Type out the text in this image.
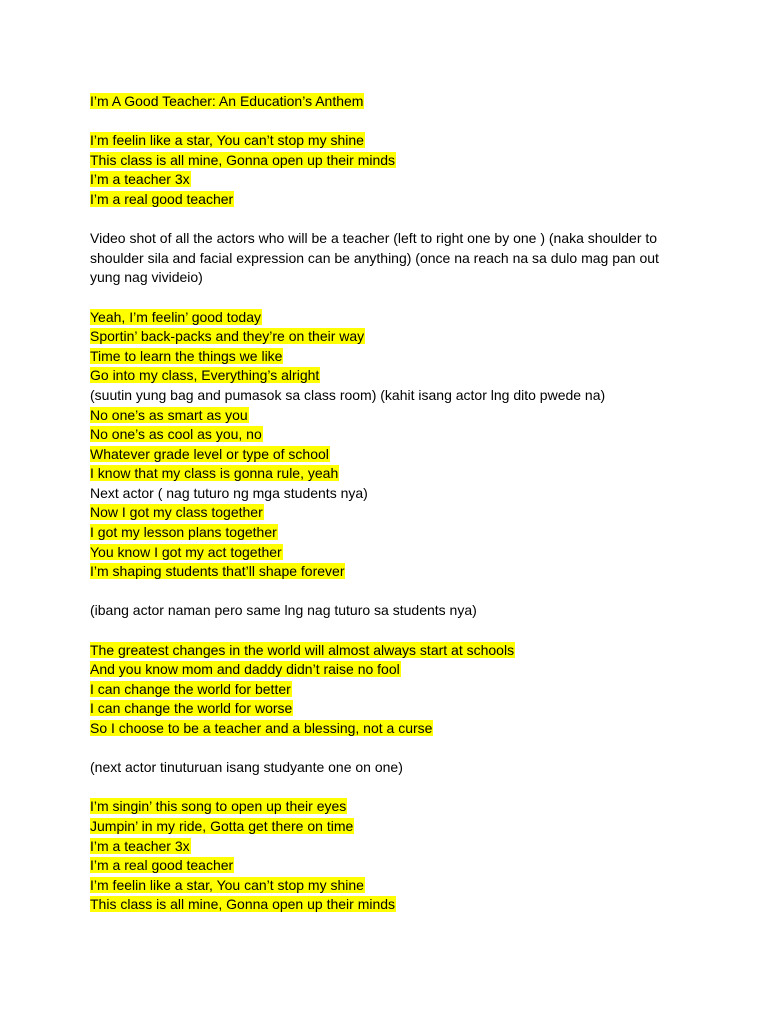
I’m A Good Teacher: An Education’s Anthem
I’m feelin like a star, You can’t stop my shine
This class is all mine, Gonna open up their minds
I’m a teacher 3x
I’m a real good teacher
Video shot of all the actors who will be a teacher (left to right one by one ) (naka shoulder to shoulder sila and facial expression can be anything) (once na reach na sa dulo mag pan out yung nag vivideio)
Yeah, I’m feelin’ good today
Sportin’ back-packs and they’re on their way
Time to learn the things we like
Go into my class, Everything’s alright
(suutin yung bag and pumasok sa class room) (kahit isang actor lng dito pwede na)
No one’s as smart as you
No one’s as cool as you, no
Whatever grade level or type of school
I know that my class is gonna rule, yeah
Next actor ( nag tuturo ng mga students nya)
Now I got my class together
I got my lesson plans together
You know I got my act together
I’m shaping students that’ll shape forever
(ibang actor naman pero same lng nag tuturo sa students nya)
The greatest changes in the world will almost always start at schools
And you know mom and daddy didn’t raise no fool
I can change the world for better
I can change the world for worse
So I choose to be a teacher and a blessing, not a curse
(next actor tinuturuan isang studyante one on one)
I’m singin’ this song to open up their eyes
Jumpin’ in my ride, Gotta get there on time
I’m a teacher 3x
I’m a real good teacher
I’m feelin like a star, You can’t stop my shine
This class is all mine, Gonna open up their minds
